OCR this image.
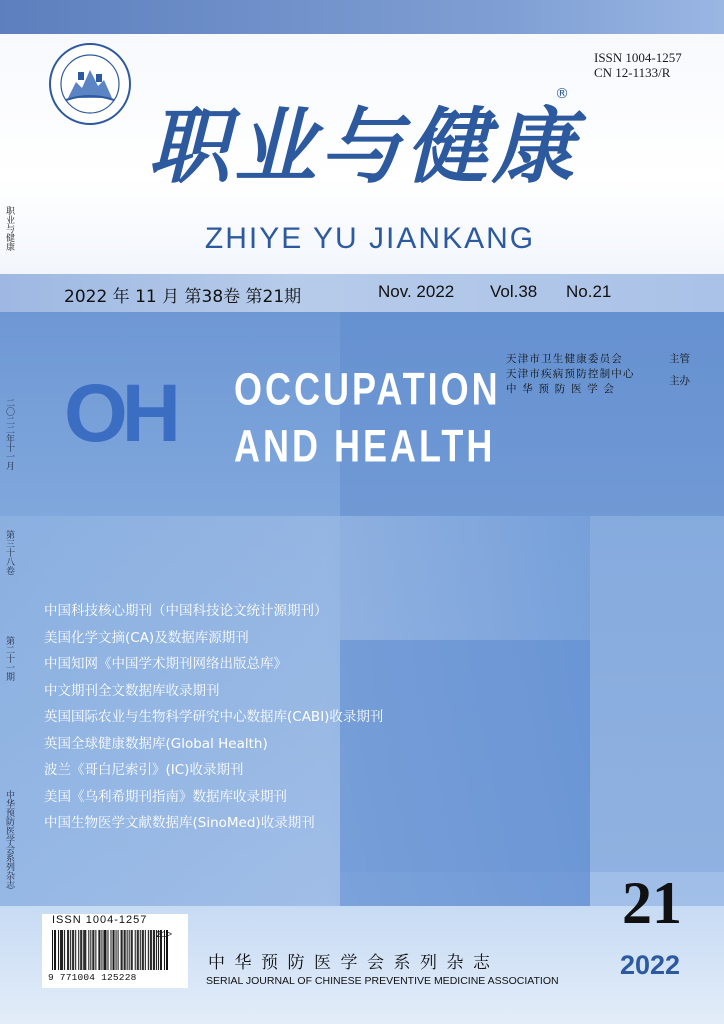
ISSN 1004-1257
CN 12-1133/R
职业与健康
®
ZHIYE YU JIANKANG
职业与健康
2022 年 11 月 第38卷 第21期	Nov. 2022 Vol.38 No.21
OH OCCUPATION
AND HEALTH
天津市卫生健康委员会
天津市疾病预防控制中心
中 华 预 防 医 学 会
主管
主办
二〇二二年十一月
第三十八卷
第二十一期
中华预防医学会系列杂志
中国科技核心期刊（中国科技论文统计源期刊）
美国化学文摘(CA)及数据库源期刊
中国知网《中国学术期刊网络出版总库》
中文期刊全文数据库收录期刊
英国国际农业与生物科学研究中心数据库(CABI)收录期刊
英国全球健康数据库(Global Health)
波兰《哥白尼索引》(IC)收录期刊
美国《乌利希期刊指南》数据库收录期刊
中国生物医学文献数据库(SinoMed)收录期刊
21
2022
ISSN 1004-1257
9 771004 125228
21>
中华预防医学会系列杂志
SERIAL JOURNAL OF CHINESE PREVENTIVE MEDICINE ASSOCIATION
